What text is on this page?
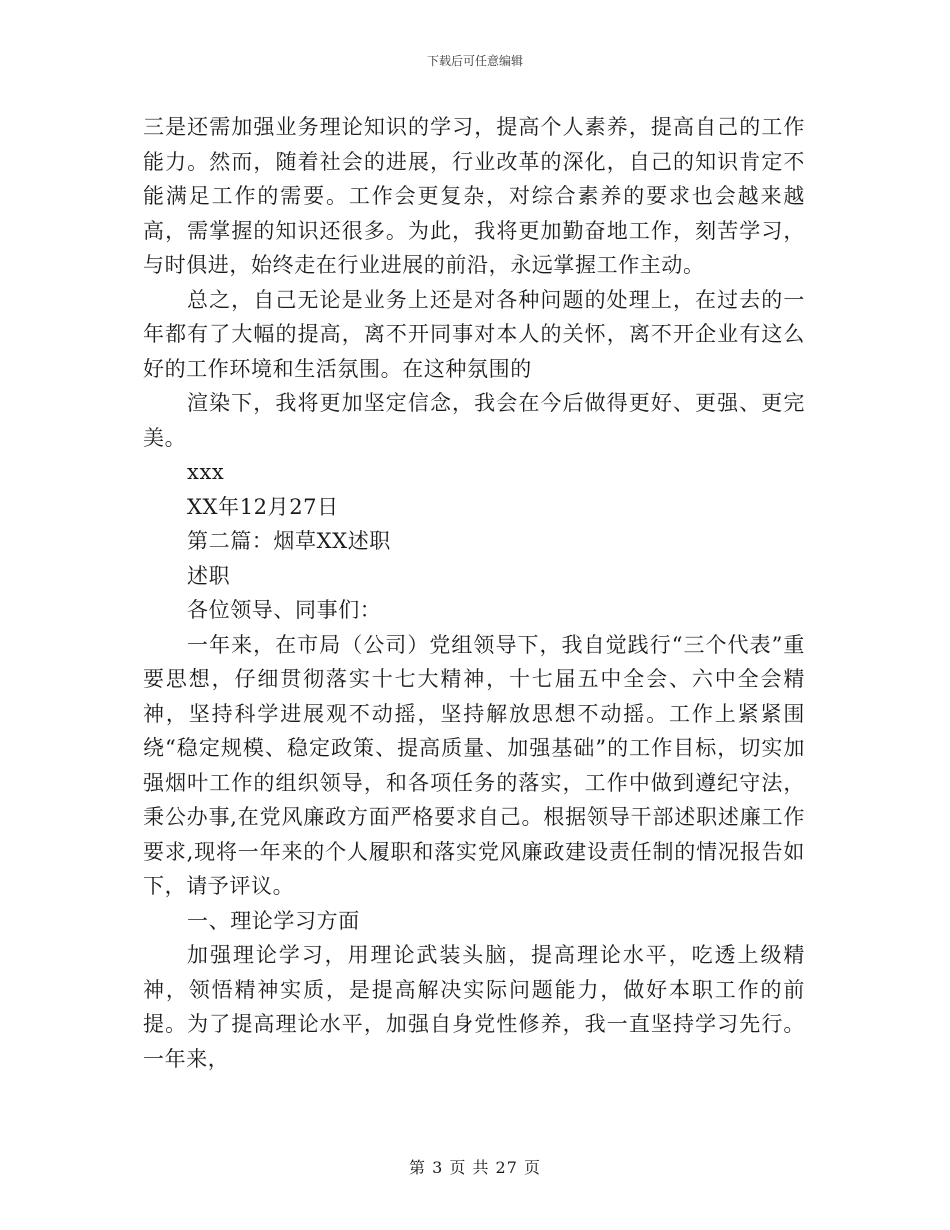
下载后可任意编辑

三是还需加强业务理论知识的学习，提高个人素养，提高自己的工作能力。然而，随着社会的进展，行业改革的深化，自己的知识肯定不能满足工作的需要。工作会更复杂，对综合素养的要求也会越来越高，需掌握的知识还很多。为此，我将更加勤奋地工作，刻苦学习，与时俱进，始终走在行业进展的前沿，永远掌握工作主动。

总之，自己无论是业务上还是对各种问题的处理上，在过去的一年都有了大幅的提高，离不开同事对本人的关怀，离不开企业有这么好的工作环境和生活氛围。在这种氛围的

渲染下，我将更加坚定信念，我会在今后做得更好、更强、更完美。

xxx

XX年12月27日

第二篇：烟草XX述职

述职

各位领导、同事们：

一年来，在市局（公司）党组领导下，我自觉践行“三个代表”重要思想，仔细贯彻落实十七大精神，十七届五中全会、六中全会精神，坚持科学进展观不动摇，坚持解放思想不动摇。工作上紧紧围绕“稳定规模、稳定政策、提高质量、加强基础”的工作目标，切实加强烟叶工作的组织领导，和各项任务的落实，工作中做到遵纪守法，秉公办事,在党风廉政方面严格要求自己。根据领导干部述职述廉工作要求,现将一年来的个人履职和落实党风廉政建设责任制的情况报告如下，请予评议。

一、理论学习方面

加强理论学习，用理论武装头脑，提高理论水平，吃透上级精神，领悟精神实质，是提高解决实际问题能力，做好本职工作的前提。为了提高理论水平，加强自身党性修养，我一直坚持学习先行。一年来，

第 3 页 共 27 页
